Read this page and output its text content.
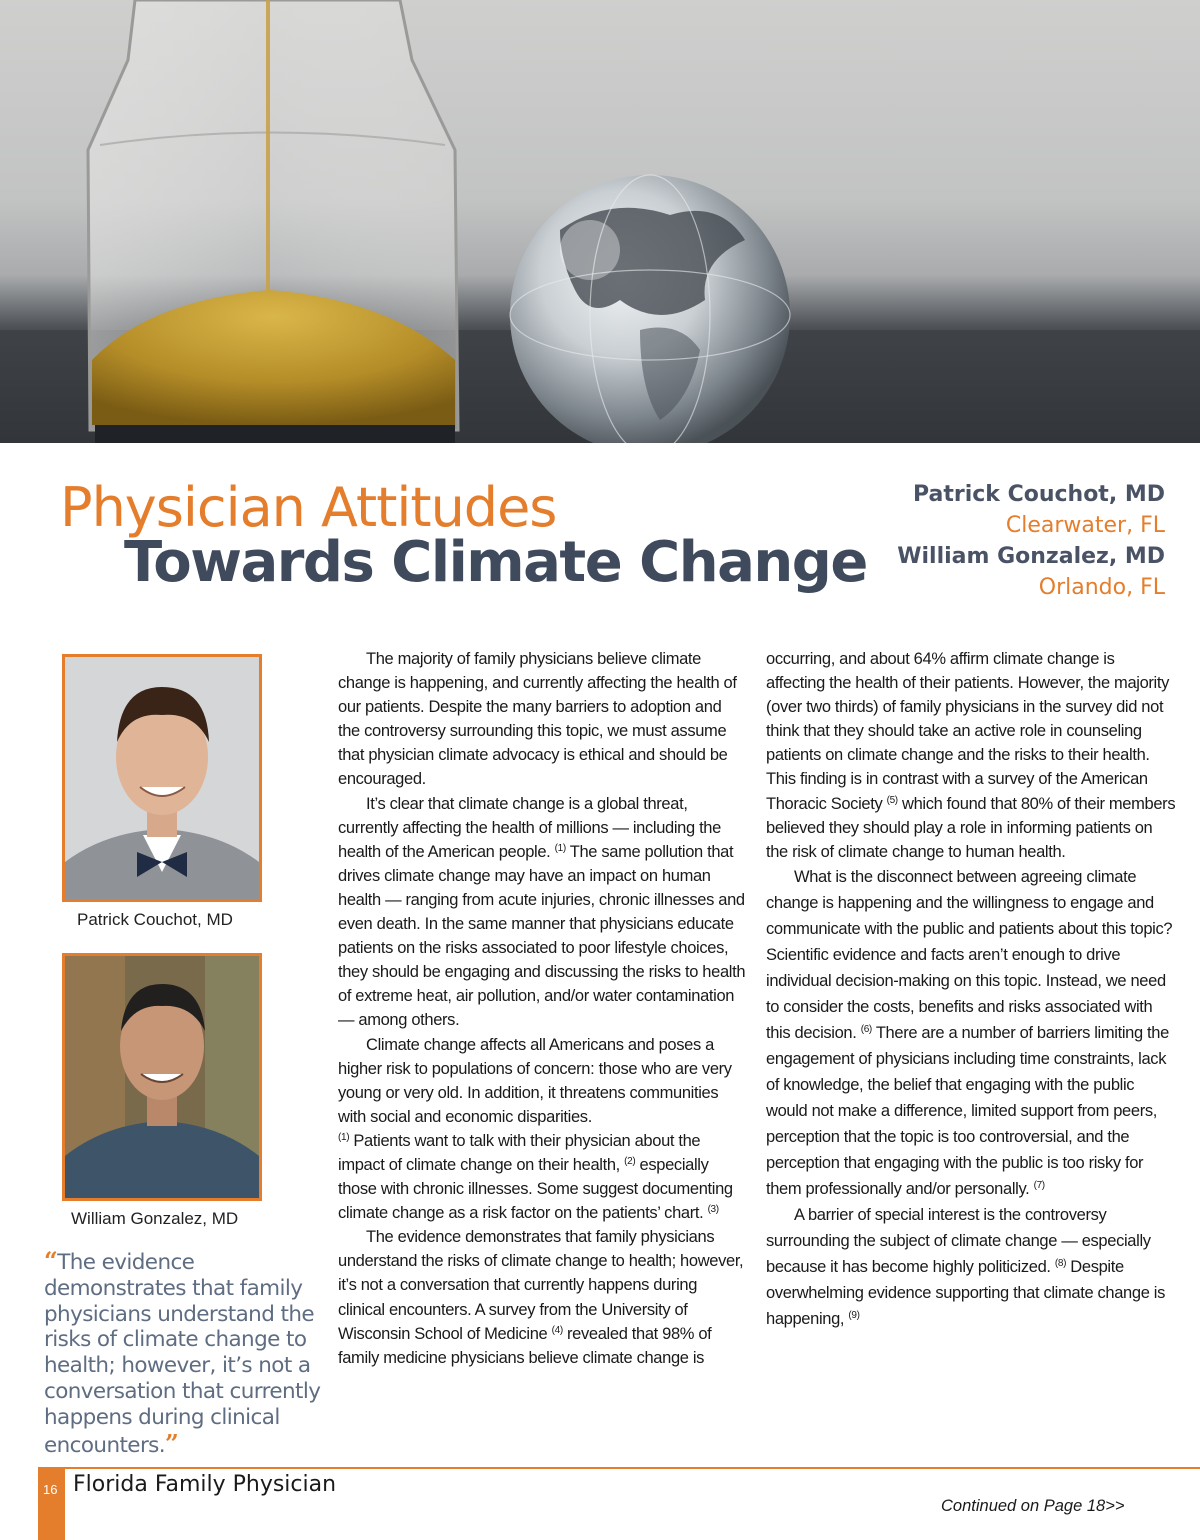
Physician Attitudes
Towards Climate Change
Patrick Couchot, MD
Clearwater, FL
William Gonzalez, MD
Orlando, FL
Patrick Couchot, MD
William Gonzalez, MD
“The evidence demonstrates that family physicians understand the risks of climate change to health; however, it’s not a conversation that currently happens during clinical encounters.”

The majority of family physicians believe climate change is happening, and currently affecting the health of our patients. Despite the many barriers to adoption and the controversy surrounding this topic, we must assume that physician climate advocacy is ethical and should be encouraged.

It’s clear that climate change is a global threat, currently affecting the health of millions — including the health of the American people. $^{(1)}$ The same pollution that drives climate change may have an impact on human health — ranging from acute injuries, chronic illnesses and even death. In the same manner that physicians educate patients on the risks associated to poor lifestyle choices, they should be engaging and discussing the risks to health of extreme heat, air pollution, and/or water contamination — among others.

Climate change affects all Americans and poses a higher risk to populations of concern: those who are very young or very old. In addition, it threatens communities with social and economic disparities.
$^{(1)}$ Patients want to talk with their physician about the impact of climate change on their health, $^{(2)}$ especially those with chronic illnesses. Some suggest documenting climate change as a risk factor on the patients’ chart. $^{(3)}$

The evidence demonstrates that family physicians understand the risks of climate change to health; however, it’s not a conversation that currently happens during clinical encounters. A survey from the University of Wisconsin School of Medicine $^{(4)}$ revealed that 98% of family medicine physicians believe climate change is

occurring, and about 64% affirm climate change is affecting the health of their patients. However, the majority (over two thirds) of family physicians in the survey did not think that they should take an active role in counseling patients on climate change and the risks to their health. This finding is in contrast with a survey of the American Thoracic Society $^{(5)}$ which found that 80% of their members believed they should play a role in informing patients on the risk of climate change to human health.

What is the disconnect between agreeing climate change is happening and the willingness to engage and communicate with the public and patients about this topic? Scientific evidence and facts aren’t enough to drive individual decision-making on this topic. Instead, we need to consider the costs, benefits and risks associated with this decision. $^{(6)}$ There are a number of barriers limiting the engagement of physicians including time constraints, lack of knowledge, the belief that engaging with the public would not make a difference, limited support from peers, perception that the topic is too controversial, and the perception that engaging with the public is too risky for them professionally and/or personally. $^{(7)}$

A barrier of special interest is the controversy surrounding the subject of climate change — especially because it has become highly politicized. $^{(8)}$ Despite overwhelming evidence supporting that climate change is happening, $^{(9)}$

Continued on Page 18>>
16 Florida Family Physician
